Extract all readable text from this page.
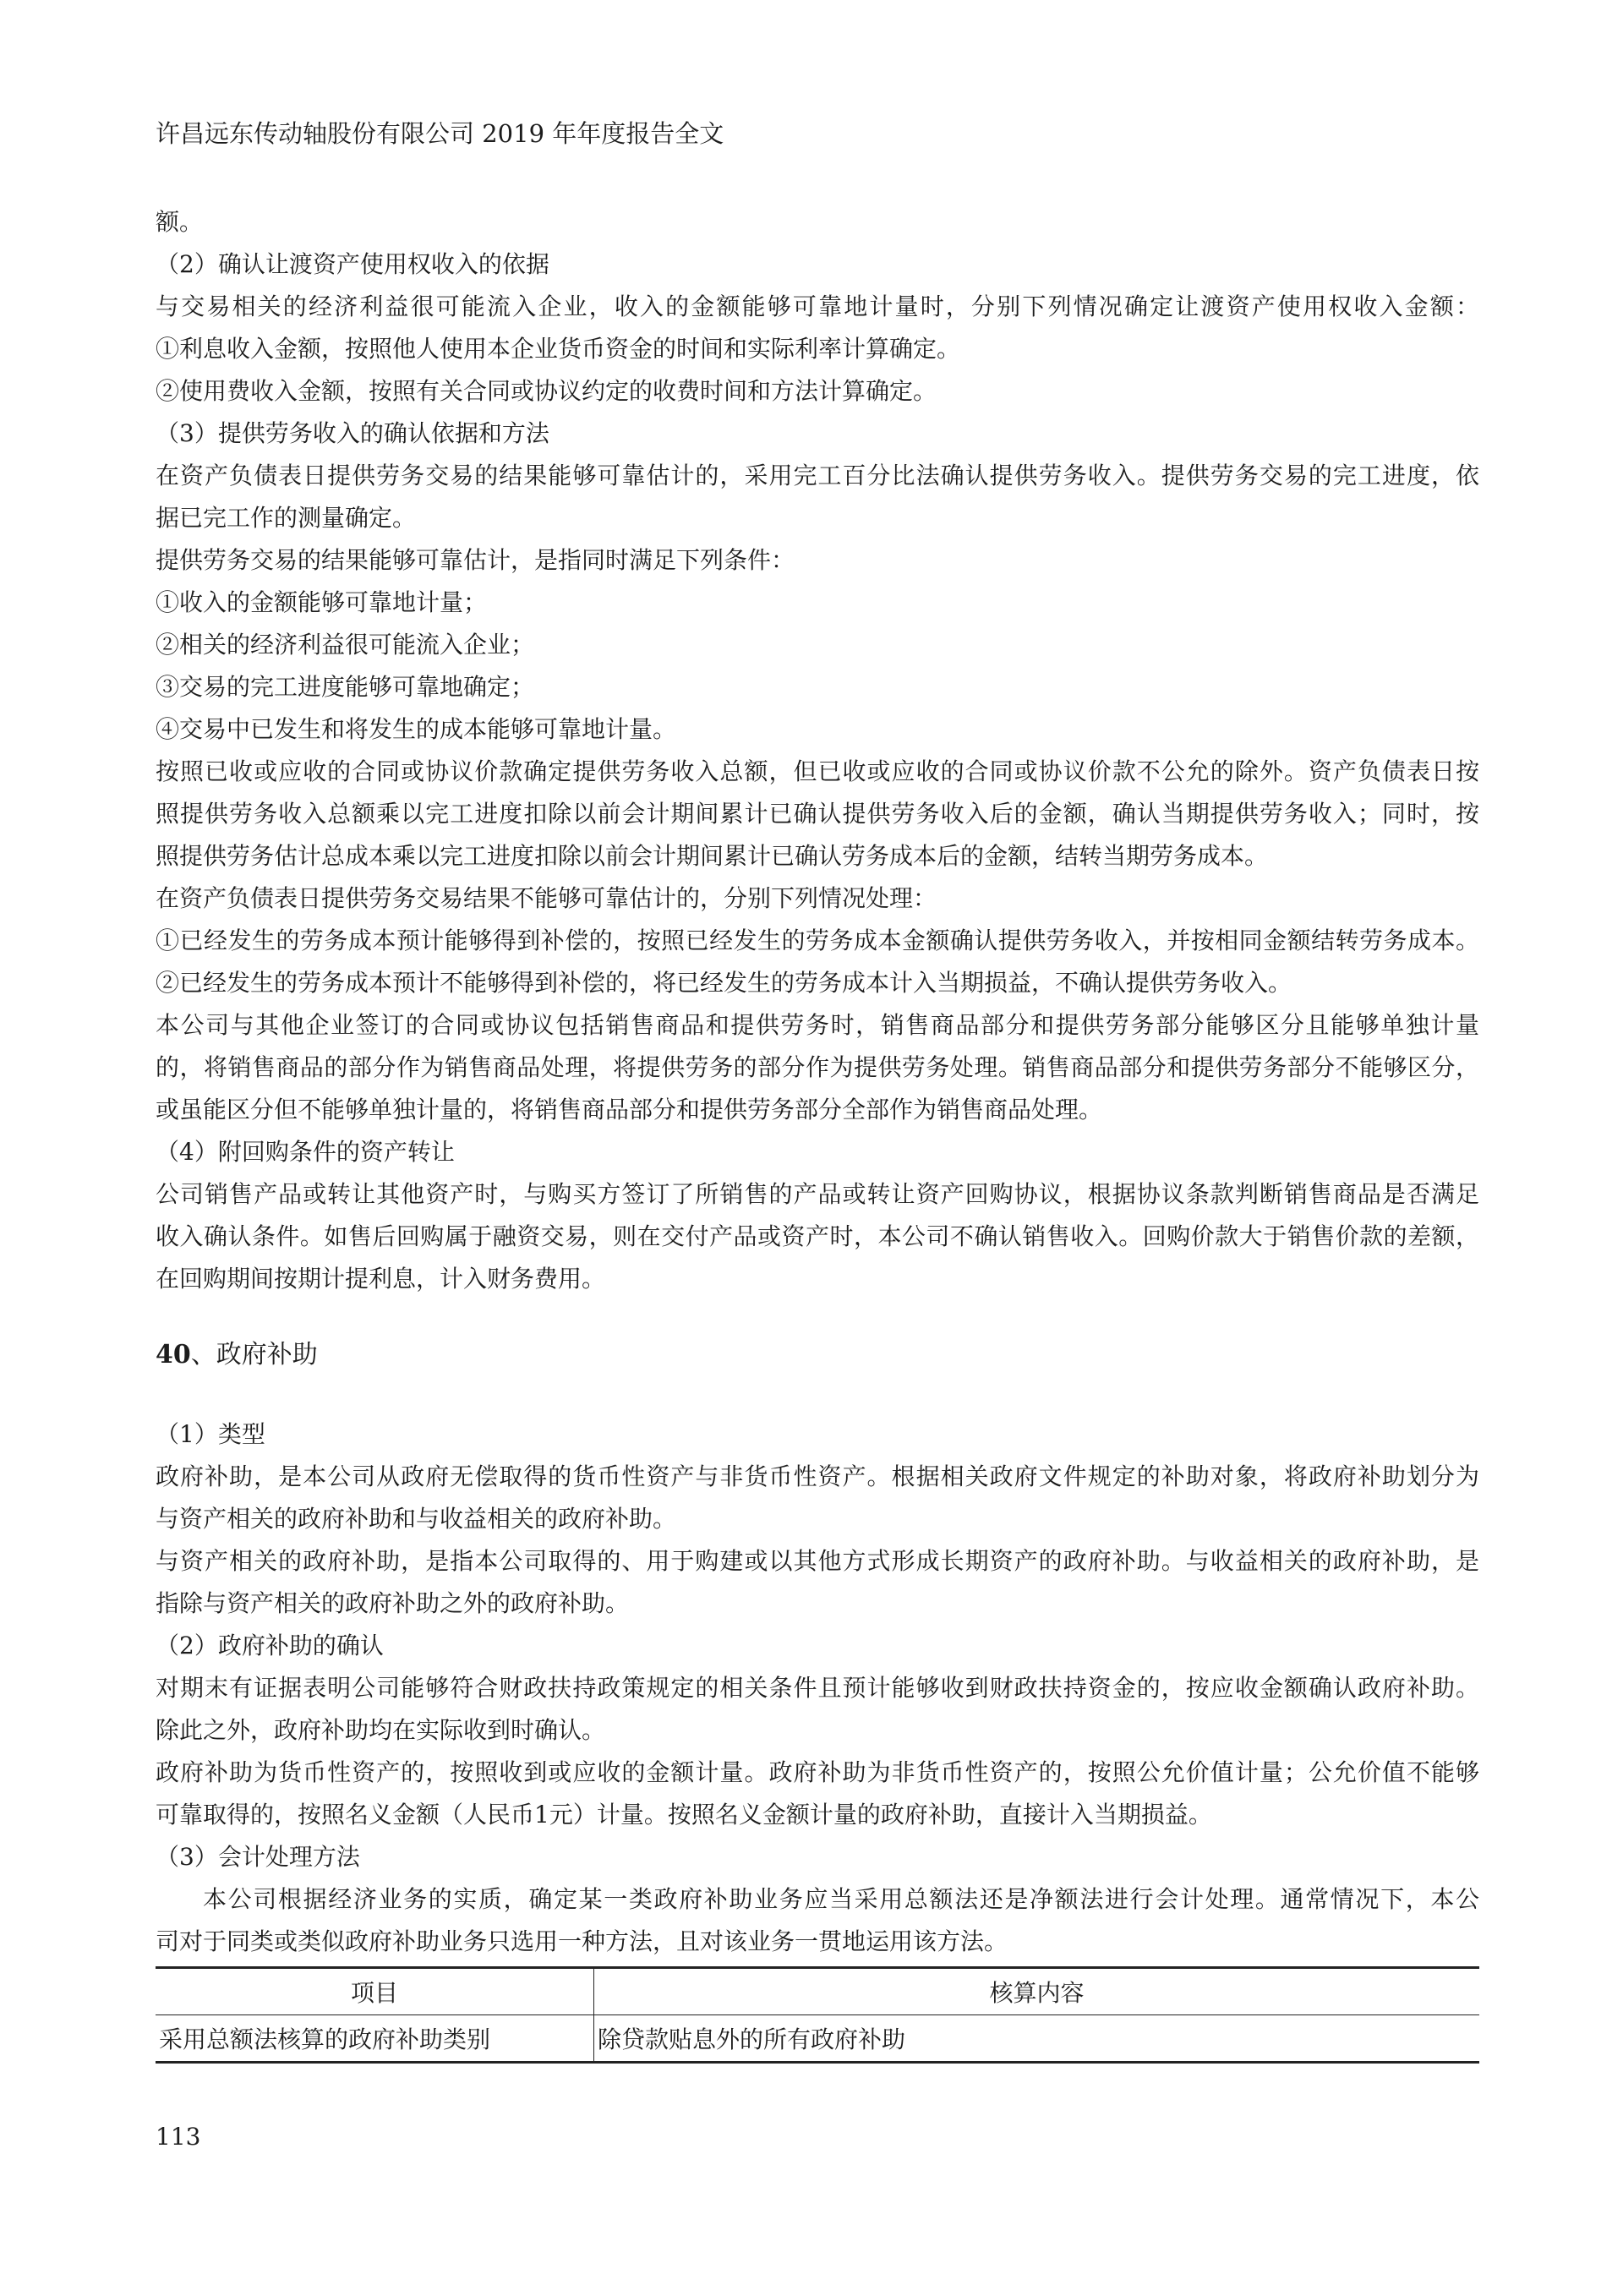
许昌远东传动轴股份有限公司 2019 年年度报告全文
额。
（2）确认让渡资产使用权收入的依据
与交易相关的经济利益很可能流入企业，收入的金额能够可靠地计量时，分别下列情况确定让渡资产使用权收入金额：
①利息收入金额，按照他人使用本企业货币资金的时间和实际利率计算确定。
②使用费收入金额，按照有关合同或协议约定的收费时间和方法计算确定。
（3）提供劳务收入的确认依据和方法
在资产负债表日提供劳务交易的结果能够可靠估计的，采用完工百分比法确认提供劳务收入。提供劳务交易的完工进度，依
据已完工作的测量确定。
提供劳务交易的结果能够可靠估计，是指同时满足下列条件：
①收入的金额能够可靠地计量；
②相关的经济利益很可能流入企业；
③交易的完工进度能够可靠地确定；
④交易中已发生和将发生的成本能够可靠地计量。
按照已收或应收的合同或协议价款确定提供劳务收入总额，但已收或应收的合同或协议价款不公允的除外。资产负债表日按
照提供劳务收入总额乘以完工进度扣除以前会计期间累计已确认提供劳务收入后的金额，确认当期提供劳务收入；同时，按
照提供劳务估计总成本乘以完工进度扣除以前会计期间累计已确认劳务成本后的金额，结转当期劳务成本。
在资产负债表日提供劳务交易结果不能够可靠估计的，分别下列情况处理：
①已经发生的劳务成本预计能够得到补偿的，按照已经发生的劳务成本金额确认提供劳务收入，并按相同金额结转劳务成本。
②已经发生的劳务成本预计不能够得到补偿的，将已经发生的劳务成本计入当期损益，不确认提供劳务收入。
本公司与其他企业签订的合同或协议包括销售商品和提供劳务时，销售商品部分和提供劳务部分能够区分且能够单独计量
的，将销售商品的部分作为销售商品处理，将提供劳务的部分作为提供劳务处理。销售商品部分和提供劳务部分不能够区分，
或虽能区分但不能够单独计量的，将销售商品部分和提供劳务部分全部作为销售商品处理。
（4）附回购条件的资产转让
公司销售产品或转让其他资产时，与购买方签订了所销售的产品或转让资产回购协议，根据协议条款判断销售商品是否满足
收入确认条件。如售后回购属于融资交易，则在交付产品或资产时，本公司不确认销售收入。回购价款大于销售价款的差额，
在回购期间按期计提利息，计入财务费用。
40、政府补助
（1）类型
政府补助，是本公司从政府无偿取得的货币性资产与非货币性资产。根据相关政府文件规定的补助对象，将政府补助划分为
与资产相关的政府补助和与收益相关的政府补助。
与资产相关的政府补助，是指本公司取得的、用于购建或以其他方式形成长期资产的政府补助。与收益相关的政府补助，是
指除与资产相关的政府补助之外的政府补助。
（2）政府补助的确认
对期末有证据表明公司能够符合财政扶持政策规定的相关条件且预计能够收到财政扶持资金的，按应收金额确认政府补助。
除此之外，政府补助均在实际收到时确认。
政府补助为货币性资产的，按照收到或应收的金额计量。政府补助为非货币性资产的，按照公允价值计量；公允价值不能够
可靠取得的，按照名义金额（人民币1元）计量。按照名义金额计量的政府补助，直接计入当期损益。
（3）会计处理方法
本公司根据经济业务的实质，确定某一类政府补助业务应当采用总额法还是净额法进行会计处理。通常情况下，本公
司对于同类或类似政府补助业务只选用一种方法，且对该业务一贯地运用该方法。
项目	核算内容
采用总额法核算的政府补助类别	除贷款贴息外的所有政府补助
113
